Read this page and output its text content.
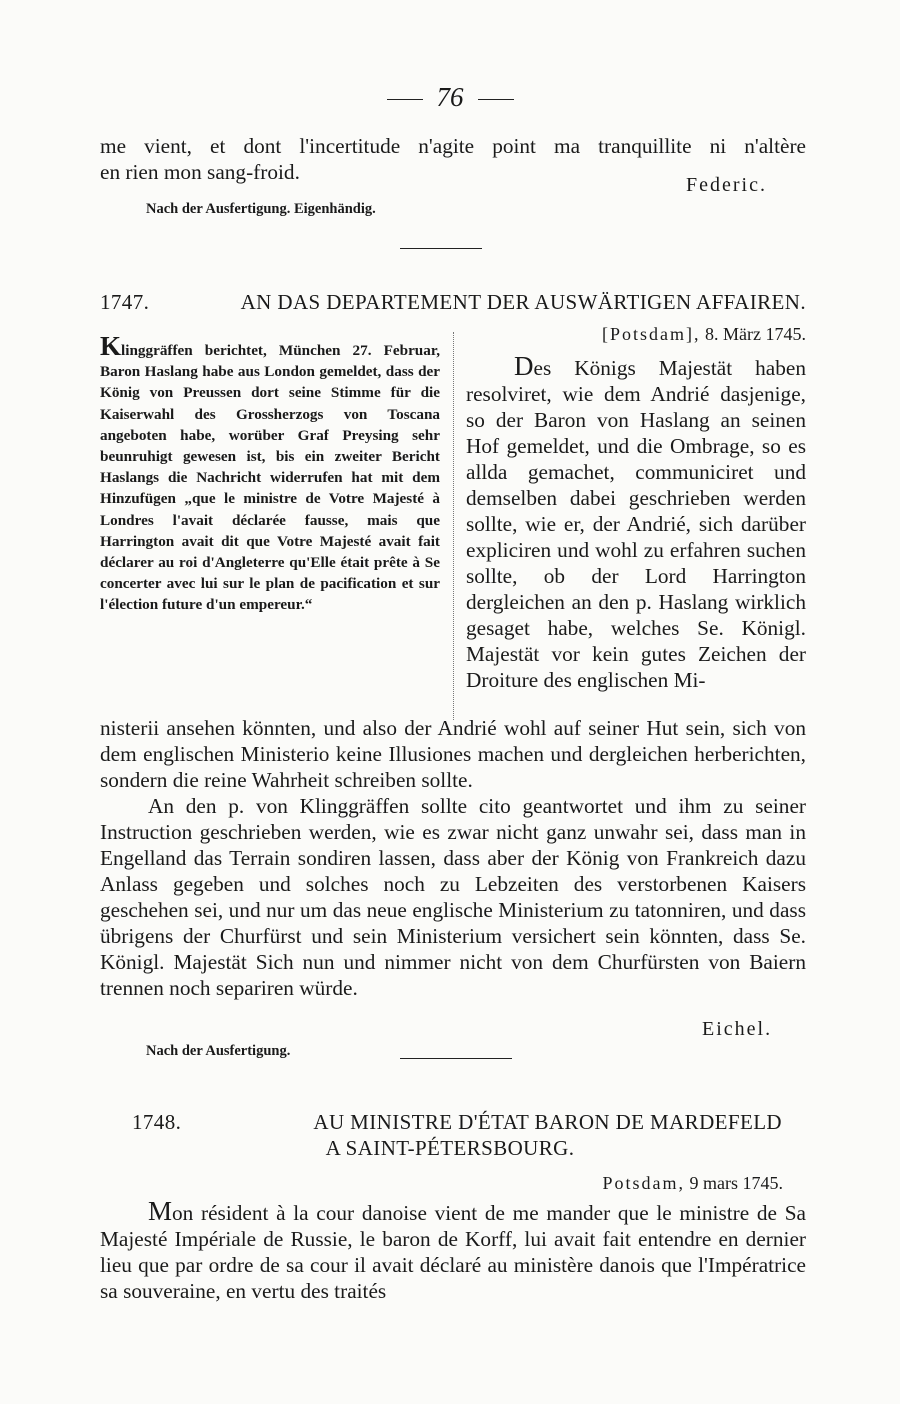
76
me vient, et dont l'incertitude n'agite point ma tranquillite ni n'altère
en rien mon sang-froid.
Federic.
Nach der Ausfertigung. Eigenhändig.
1747.	AN DAS DEPARTEMENT DER AUSWÄRTIGEN AFFAIREN.

Klinggräffen berichtet, München 27. Februar, Baron Haslang habe aus London gemeldet, dass der König von Preussen dort seine Stimme für die Kaiserwahl des Grossherzogs von Toscana angeboten habe, worüber Graf Preysing sehr beunruhigt gewesen ist, bis ein zweiter Bericht Haslangs die Nachricht widerrufen hat mit dem Hinzufügen „que le ministre de Votre Majesté à Londres l'avait déclarée fausse, mais que Harrington avait dit que Votre Majesté avait fait déclarer au roi d'Angleterre qu'Elle était prête à Se concerter avec lui sur le plan de pacification et sur l'élection future d'un empereur.“

[Potsdam], 8. März 1745.

Des Königs Majestät haben resolviret, wie dem Andrié dasjenige, so der Baron von Haslang an seinen Hof gemeldet, und die Ombrage, so es allda gemachet, communiciret und demselben dabei geschrieben werden sollte, wie er, der Andrié, sich darüber expliciren und wohl zu erfahren suchen sollte, ob der Lord Harrington dergleichen an den p. Haslang wirklich gesaget habe, welches Se. Königl. Majestät vor kein gutes Zeichen der Droiture des englischen Mi-

nisterii ansehen könnten, und also der Andrié wohl auf seiner Hut sein, sich von dem englischen Ministerio keine Illusiones machen und dergleichen herberichten, sondern die reine Wahrheit schreiben sollte.

An den p. von Klinggräffen sollte cito geantwortet und ihm zu seiner Instruction geschrieben werden, wie es zwar nicht ganz unwahr sei, dass man in Engelland das Terrain sondiren lassen, dass aber der König von Frankreich dazu Anlass gegeben und solches noch zu Lebzeiten des verstorbenen Kaisers geschehen sei, und nur um das neue englische Ministerium zu tatonniren, und dass übrigens der Churfürst und sein Ministerium versichert sein könnten, dass Se. Königl. Majestät Sich nun und nimmer nicht von dem Churfürsten von Baiern trennen noch separiren würde.

Eichel.
Nach der Ausfertigung.
1748.	AU MINISTRE D'ÉTAT BARON DE MARDEFELD
A SAINT-PÉTERSBOURG.
Potsdam, 9 mars 1745.

Mon résident à la cour danoise vient de me mander que le ministre de Sa Majesté Impériale de Russie, le baron de Korff, lui avait fait entendre en dernier lieu que par ordre de sa cour il avait déclaré au ministère danois que l'Impératrice sa souveraine, en vertu des traités
